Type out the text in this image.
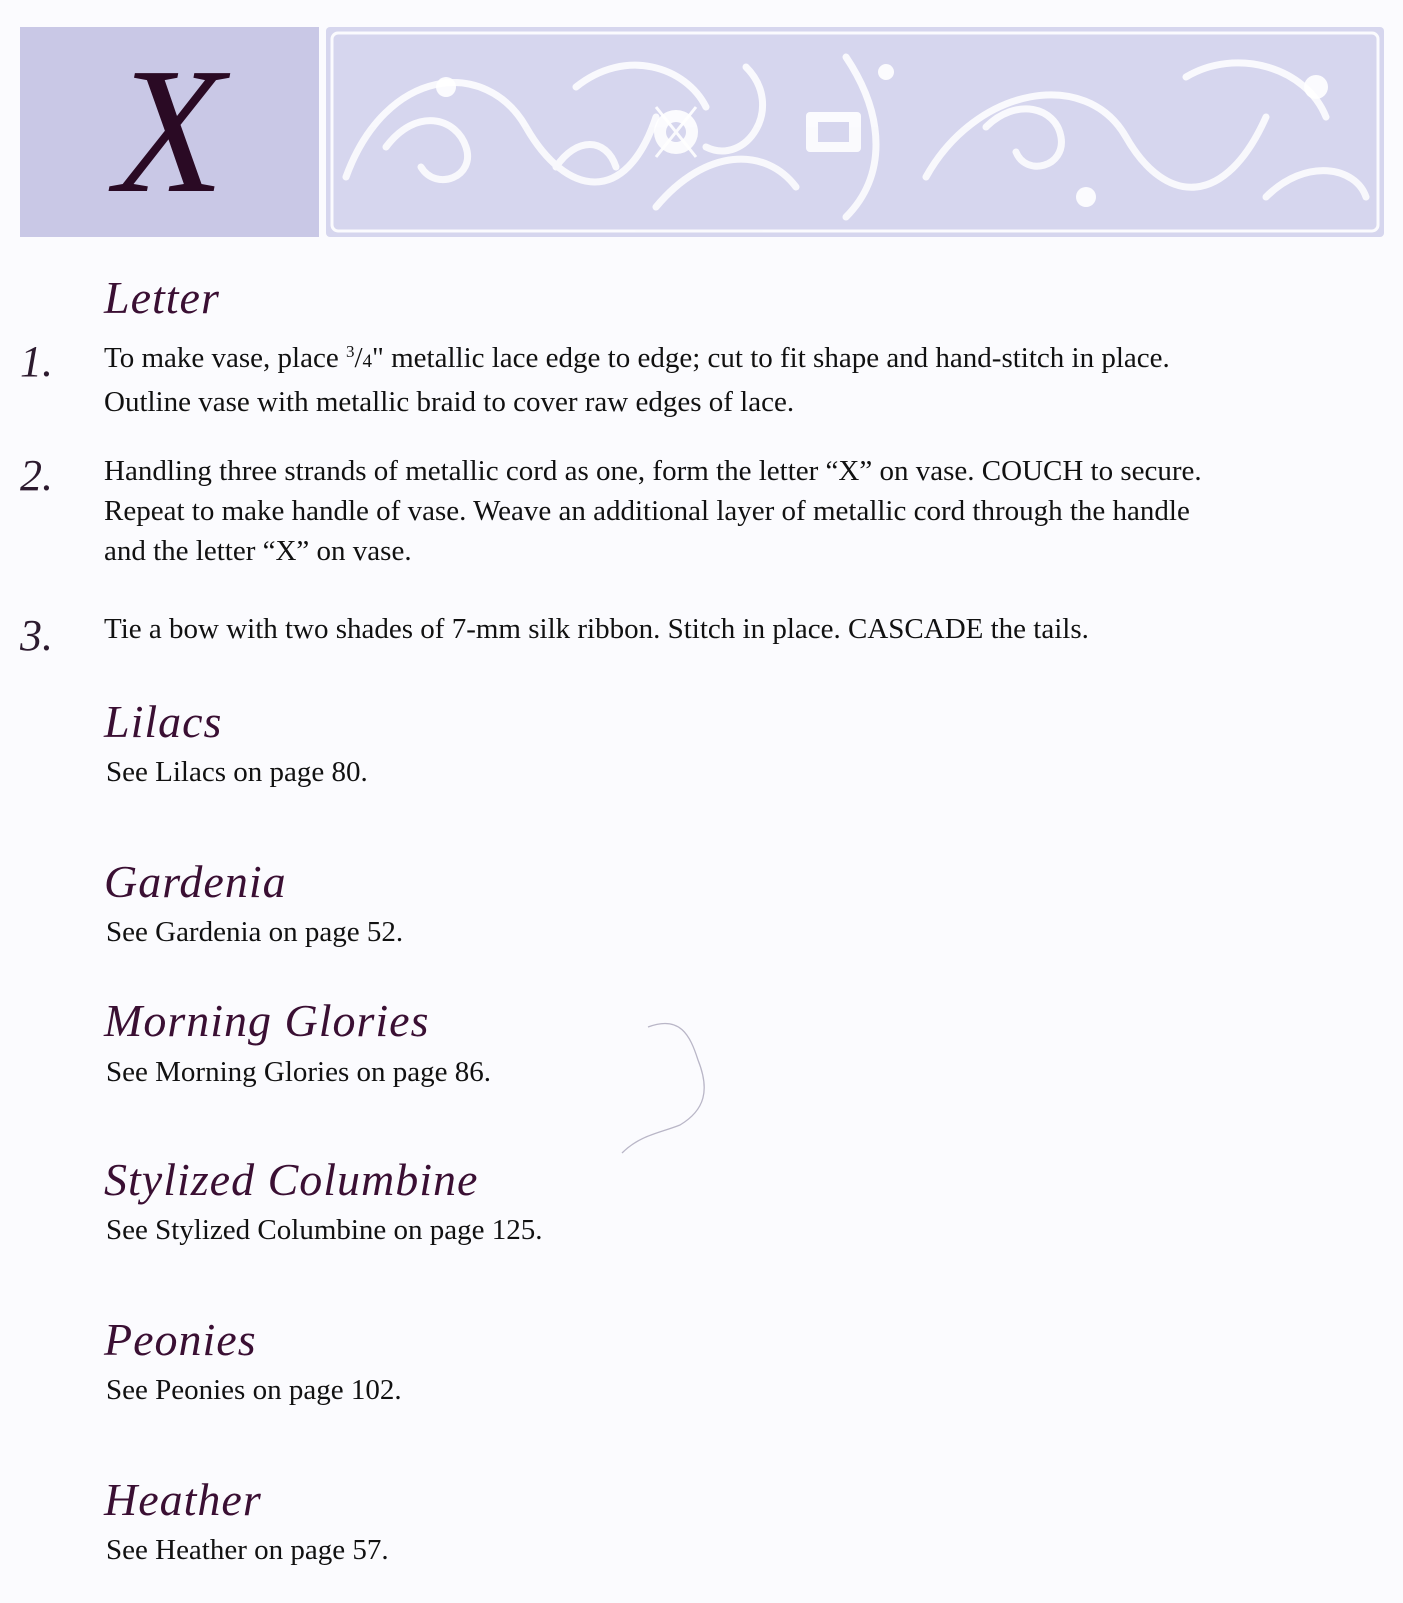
X
Letter
1. To make vase, place $^3$/4" metallic lace edge to edge; cut to fit shape and hand-stitch in place.
Outline vase with metallic braid to cover raw edges of lace.
2. Handling three strands of metallic cord as one, form the letter “X” on vase. COUCH to secure.
Repeat to make handle of vase. Weave an additional layer of metallic cord through the handle
and the letter “X” on vase.
3. Tie a bow with two shades of 7-mm silk ribbon. Stitch in place. CASCADE the tails.
Lilacs
See Lilacs on page 80.
Gardenia
See Gardenia on page 52.
Morning Glories
See Morning Glories on page 86.
Stylized Columbine
See Stylized Columbine on page 125.
Peonies
See Peonies on page 102.
Heather
See Heather on page 57.
